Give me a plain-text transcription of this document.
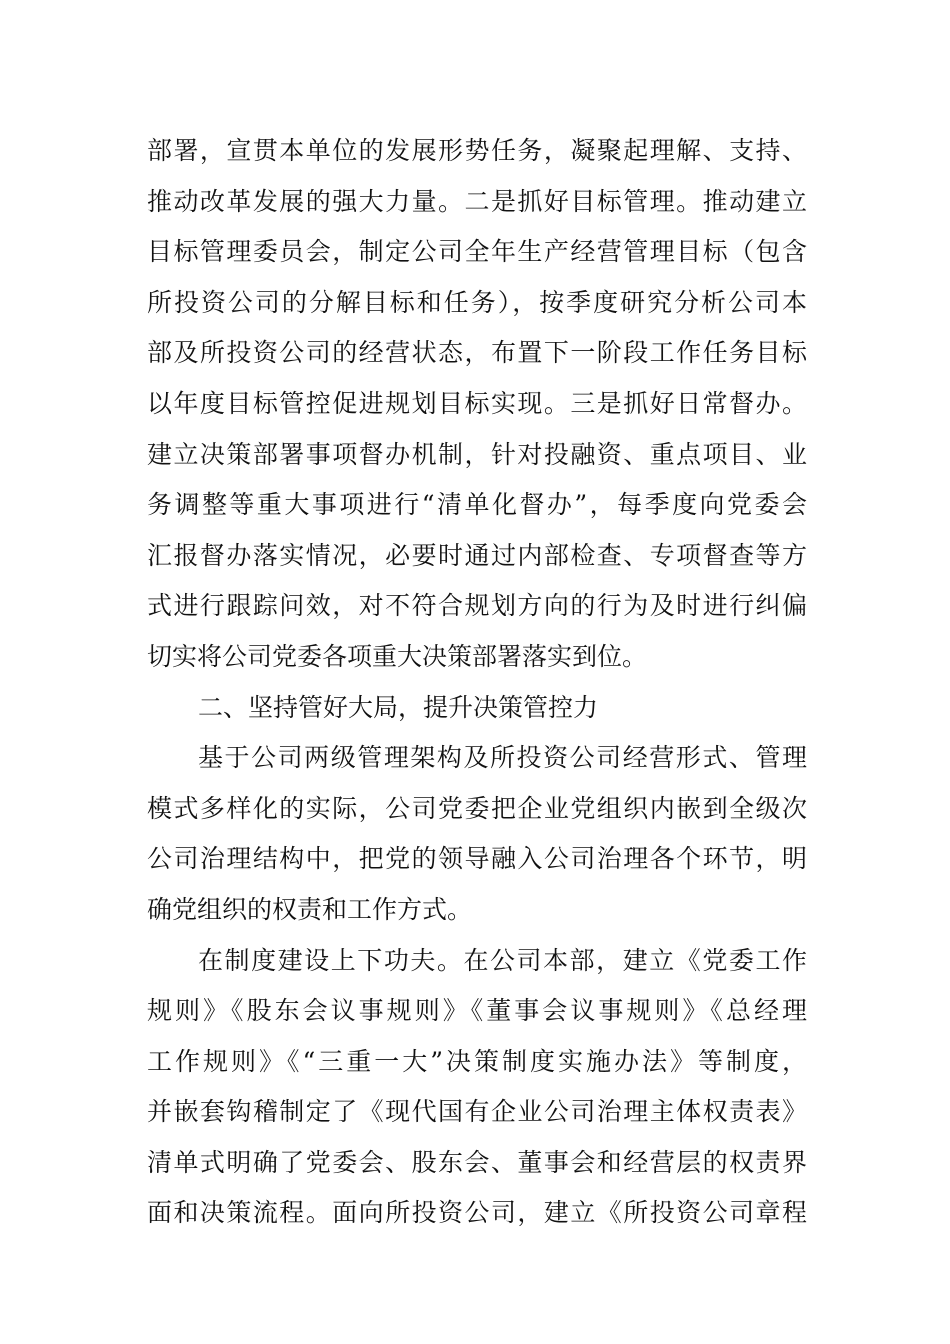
部署，宣贯本单位的发展形势任务，凝聚起理解、支持、
推动改革发展的强大力量。二是抓好目标管理。推动建立
目标管理委员会，制定公司全年生产经营管理目标（包含
所投资公司的分解目标和任务），按季度研究分析公司本
部及所投资公司的经营状态，布置下一阶段工作任务目标
以年度目标管控促进规划目标实现。三是抓好日常督办。
建立决策部署事项督办机制，针对投融资、重点项目、业
务调整等重大事项进行“清单化督办”，每季度向党委会
汇报督办落实情况，必要时通过内部检查、专项督查等方
式进行跟踪问效，对不符合规划方向的行为及时进行纠偏
切实将公司党委各项重大决策部署落实到位。
二、坚持管好大局，提升决策管控力
基于公司两级管理架构及所投资公司经营形式、管理
模式多样化的实际，公司党委把企业党组织内嵌到全级次
公司治理结构中，把党的领导融入公司治理各个环节，明
确党组织的权责和工作方式。
在制度建设上下功夫。在公司本部，建立《党委工作
规则》《股东会议事规则》《董事会议事规则》《总经理
工作规则》《“三重一大”决策制度实施办法》等制度，
并嵌套钩稽制定了《现代国有企业公司治理主体权责表》
清单式明确了党委会、股东会、董事会和经营层的权责界
面和决策流程。面向所投资公司，建立《所投资公司章程
